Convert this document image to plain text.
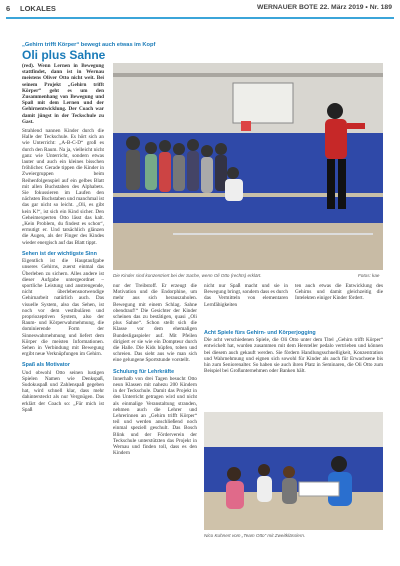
6 LOKALES	WERNAUER BOTE 22. März 2019 • Nr. 189
„Gehirn trifft Körper“ bewegt auch etwas im Kopf
Oli plus Sahne

(red). Wenn Lernen in Bewegung stattfindet, dann ist in Wernau meistens Oliver Otto nicht weit. Bei seinem Projekt „Gehirn trifft Körper“ geht es um den Zusammenhang von Bewegung und Spaß mit dem Lernen und der Gehirnentwicklung. Der Coach war damit jüngst in der Teckschule zu Gast.

Strahlend nannen Kinder durch die Halle der Teckschule. Es hört sich an wie Unterricht: „A-B-C-D“ groß es durch den Raum. Na ja, vielleicht nicht ganz wie Unterricht, sondern etwas lauter und auch ein kleines bisschen fröhlicher. Gerade tippen die Kinder in Zweiergruppen beim Reihenfolgenspiel auf ein gelbes Blatt mit allen Buchstaben des Alphabets. Sie fokussieren im Laufen den nächsten Buchstaben und manchmal ist das gar nicht so leicht. „Oli, es gibt kein K!“, ist sich ein Kind sicher. Den Geheimexperten Otto lässt das kalt. „Kein Problem, du findest es schon“, ermutigt er. Und tatsächlich glänzen die Augen, als der Finger des Kindes wieder energisch auf das Blatt tippt.

Sehen ist der wichtigste Sinn

Eigentlich ist die Hauptaufgabe unseres Gehirns, zuerst einmal das Überleben zu sichern. Alles andere ist dieser Aufgabe untergeordnet – sportliche Leistung und anstrengende, nicht überlebensnotwendige Gehirnarbeit natürlich auch. Das visuelle System, also das Sehen, ist noch vor dem vestibulären und propriozeptiven System, also der Raum- und Körperwahrnehmung, die dominierende Form der Sinneswahrnehmung und liefert dem Körper die meisten Informationen. Sehen in Verbindung mit Bewegung ergibt neue Verknüpfungen im Gehirn.

Spaß als Motivator

Und obwohl Otto seinen lustigen Spielen Namen wie Denkspaß, Sudokuspaß und Zahlenspaß gegeben hat, wird schnell klar, dass mehr dahintersteckt als nur Vergnügen. Das erklärt der Coach so: „Für mich ist Spaß

Die Kinder sind konzentriert bei der Sache, wenn Oli Otto (rechts) erklärt.	Fotos: kae

nur der Treibstoff. Er erzeugt die Motivation und die Endorphine, um mehr aus sich herauszuholen. Bewegung mit einem Schlag. Sahne obendrauf!“ Die Gesichter der Kinder scheinen das zu bestätigen, quasi „Oli plus Sahne“. Schon stellt sich die Klasse vor dem ehemaligen Bundesligaspieler auf. Mit Pfeilen dirigiert er sie wie ein Dompteur durch die Halle. Die Kids hüpfen, toben und schreien. Das sieht aus wie man sich eine gelungene Sportstunde vorstellt.

Schulung für Lehrkräfte

Innerhalb von drei Tagen besucht Otto neun Klassen mit nahezu 200 Kindern in der Teckschule. Damit das Projekt in den Unterricht getragen wird und nicht als einmalige Veranstaltung stranden, nehmen auch die Lehrer und Lehrerinnen an „Gehirn trifft Körper“ teil und werden anschließend noch einmal speziell geschult. Das Bosch Blink und der Förderverein der Teckschule unterstützten das Projekt in Wernau und finden toll, dass es den Kindern

nicht nur Spaß macht und sie in Bewegung bringt, sondern dass es durch das Vermitteln von elementaren Lernfähigkeiten

ten auch etwas die Entwicklung des Gehirns und damit gleichzeitig die Intelekten einiger Kinder fördert.

Acht Spiele fürs Gehirn- und Körperjogging
Die acht verschiedenen Spiele, die Oli Otto unter dem Titel „Gehirn trifft Körper“ entwickelt hat, wurden zusammen mit dem Hersteller pedalo vertrieben und können bei diesem auch gekauft werden. Sie fördern Handlungsschnelligkeit, Konzentration und Wahrnehmung und eignen sich sowohl für Kinder als auch für Erwachsene bis hin zum Seniorenalter. So haben sie auch ihren Platz in Seminaren, die Oli Otto zum Beispiel bei Großunternehmen oder Banken hält.
Nico Kuhnert vom „Team Otto“ mit Zweitklässlern.
